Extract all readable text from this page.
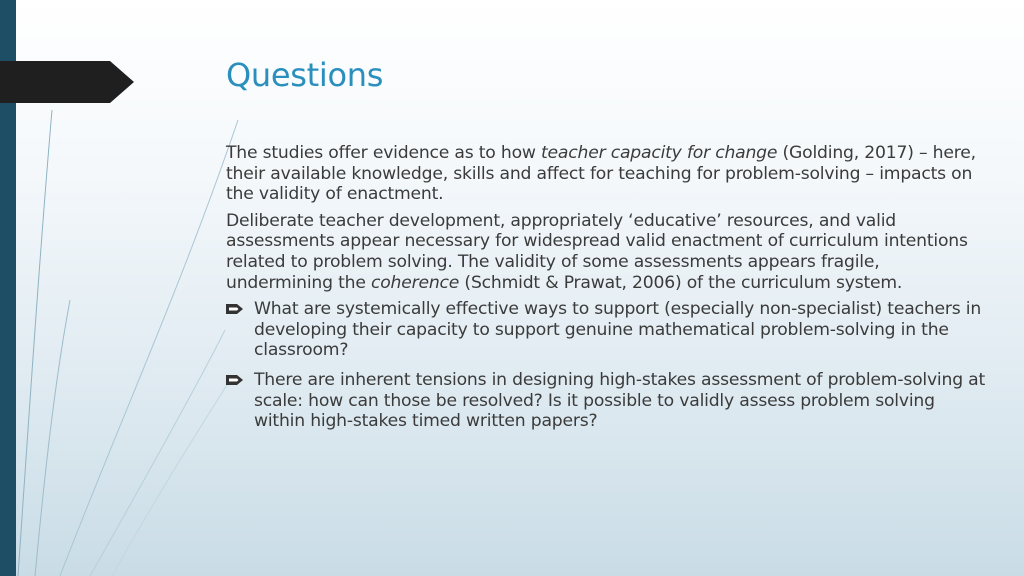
Questions

The studies offer evidence as to how teacher capacity for change (Golding, 2017) – here, their available knowledge, skills and affect for teaching for problem-solving – impacts on the validity of enactment.

Deliberate teacher development, appropriately ‘educative’ resources, and valid assessments appear necessary for widespread valid enactment of curriculum intentions related to problem solving. The validity of some assessments appears fragile, undermining the coherence (Schmidt & Prawat, 2006) of the curriculum system.

What are systemically effective ways to support (especially non-specialist) teachers in developing their capacity to support genuine mathematical problem-solving in the classroom?
There are inherent tensions in designing high-stakes assessment of problem-solving at scale: how can those be resolved? Is it possible to validly assess problem solving within high-stakes timed written papers?
